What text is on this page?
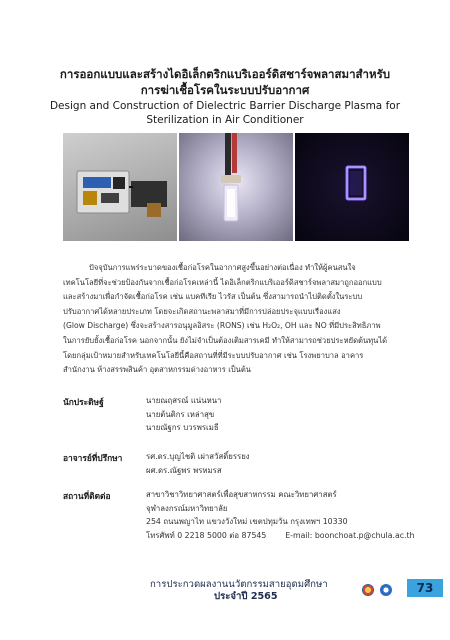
การออกแบบและสร้างไดอิเล็กตริกแบริเออร์ดิสชาร์จพลาสมาสำหรับ
การฆ่าเชื้อโรคในระบบปรับอากาศ
Design and Construction of Dielectric Barrier Discharge Plasma for
Sterilization in Air Conditioner
ปัจจุบันการแพร่ระบาดของเชื้อก่อโรคในอากาศสูงขึ้นอย่างต่อเนื่อง ทำให้ผู้คนสนใจ
เทคโนโลยีที่จะช่วยป้องกันจากเชื้อก่อโรคเหล่านี้ ไดอิเล็กตริกแบริเออร์ดิสชาร์จพลาสมาถูกออกแบบ
และสร้างมาเพื่อกำจัดเชื้อก่อโรค เช่น แบคทีเรีย ไวรัส เป็นต้น ซึ่งสามารถนำไปติดตั้งในระบบ
ปรับอากาศได้หลายประเภท โดยจะเกิดสถานะพลาสมาที่มีการปล่อยประจุแบบเรืองแสง
(Glow Discharge) ซึ่งจะสร้างสารอนุมูลอิสระ (RONS) เช่น H₂O₂, OH และ NO ที่มีประสิทธิภาพ
ในการยับยั้งเชื้อก่อโรค นอกจากนั้น ยังไม่จำเป็นต้องเติมสารเคมี ทำให้สามารถช่วยประหยัดต้นทุนได้
โดยกลุ่มเป้าหมายสำหรับเทคโนโลยีนี้คือสถานที่ที่มีระบบปรับอากาศ เช่น โรงพยาบาล อาคาร
สำนักงาน ห้างสรรพสินค้า อุตสาหกรรมด่างอาหาร เป็นต้น
นักประดิษฐ์	นายณฤสรณ์ แน่นหนา
นายต้นติกร เหล่าสุข
นายณัฐกร บวรพรเมธี
อาจารย์ที่ปรึกษา	รศ.ดร.บุญไชติ เผ่าสวัสดิ์ยรรยง
ผศ.ดร.ณัฐพร พรหมรส
สถานที่ติดต่อ	สาขาวิชาวิทยาศาสตร์เพื่อสุขสาหกรรม คณะวิทยาศาสตร์
จุฬาลงกรณ์มหาวิทยาลัย
254 ถนนพญาไท แขวงวังใหม่ เขตปทุมวัน กรุงเทพฯ 10330
โทรศัพท์ 0 2218 5000 ต่อ 87545 E-mail: boonchoat.p@chula.ac.th
การประกวดผลงานนวัตกรรมสายอุดมศึกษา
ประจำปี 2565
73
